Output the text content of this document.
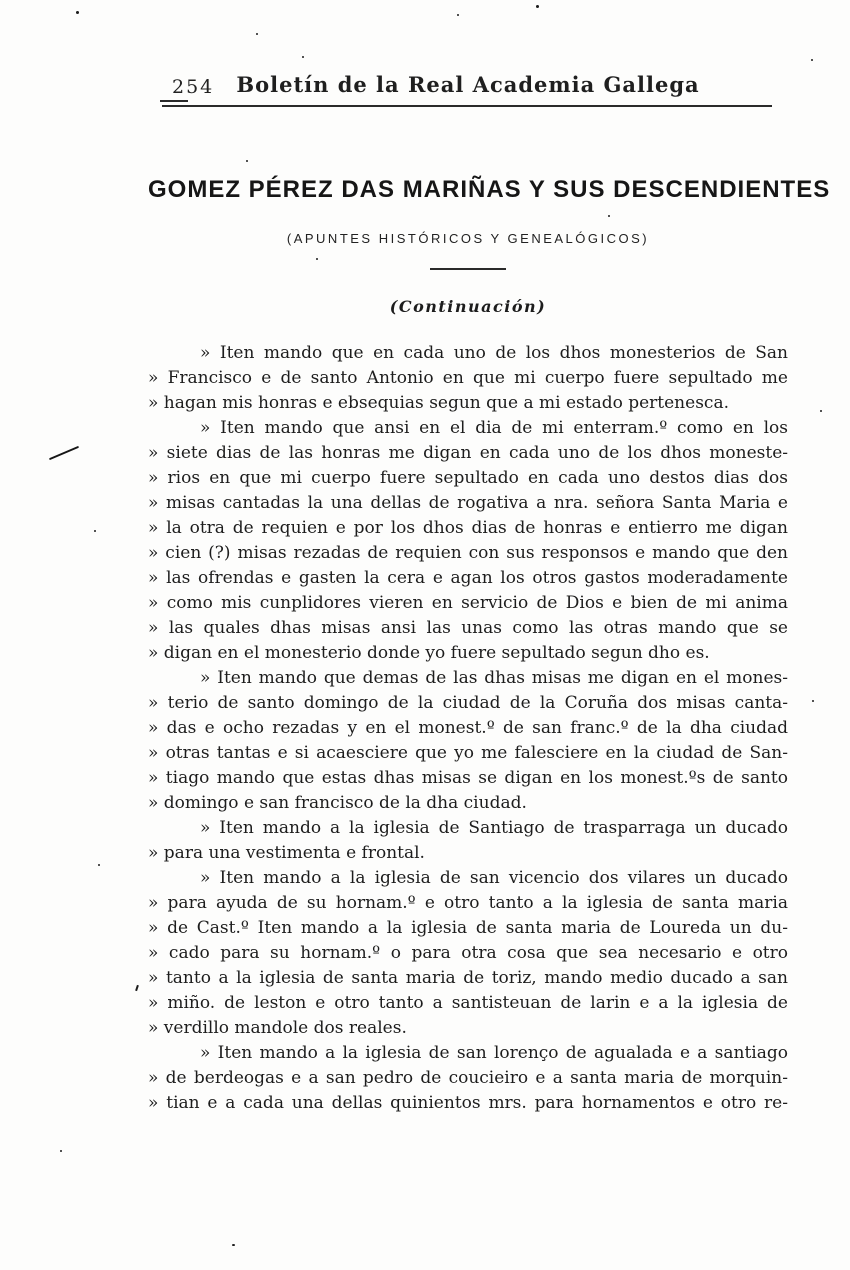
254	Boletín de la Real Academia Gallega
GOMEZ PÉREZ DAS MARIÑAS Y SUS DESCENDIENTES
(APUNTES HISTÓRICOS Y GENEALÓGICOS)
(Continuación)
» Iten mando que en cada uno de los dhos monesterios de San
» Francisco e de santo Antonio en que mi cuerpo fuere sepultado me
» hagan mis honras e ebsequias segun que a mi estado pertenesca.
» Iten mando que ansi en el dia de mi enterram.º como en los
» siete dias de las honras me digan en cada uno de los dhos moneste-
» rios en que mi cuerpo fuere sepultado en cada uno destos dias dos
» misas cantadas la una dellas de rogativa a nra. señora Santa Maria e
» la otra de requien e por los dhos dias de honras e entierro me digan
» cien (?) misas rezadas de requien con sus responsos e mando que den
» las ofrendas e gasten la cera e agan los otros gastos moderadamente
» como mis cunplidores vieren en servicio de Dios e bien de mi anima
» las quales dhas misas ansi las unas como las otras mando que se
» digan en el monesterio donde yo fuere sepultado segun dho es.
» Iten mando que demas de las dhas misas me digan en el mones-
» terio de santo domingo de la ciudad de la Coruña dos misas canta-
» das e ocho rezadas y en el monest.º de san franc.º de la dha ciudad
» otras tantas e si acaesciere que yo me falesciere en la ciudad de San-
» tiago mando que estas dhas misas se digan en los monest.ºs de santo
» domingo e san francisco de la dha ciudad.
» Iten mando a la iglesia de Santiago de trasparraga un ducado
» para una vestimenta e frontal.
» Iten mando a la iglesia de san vicencio dos vilares un ducado
» para ayuda de su hornam.º e otro tanto a la iglesia de santa maria
» de Cast.º Iten mando a la iglesia de santa maria de Loureda un du-
» cado para su hornam.º o para otra cosa que sea necesario e otro
» tanto a la iglesia de santa maria de toriz, mando medio ducado a san
» miño. de leston e otro tanto a santisteuan de larin e a la iglesia de
» verdillo mandole dos reales.
» Iten mando a la iglesia de san lorenço de agualada e a santiago
» de berdeogas e a san pedro de coucieiro e a santa maria de morquin-
» tian e a cada una dellas quinientos mrs. para hornamentos e otro re-
